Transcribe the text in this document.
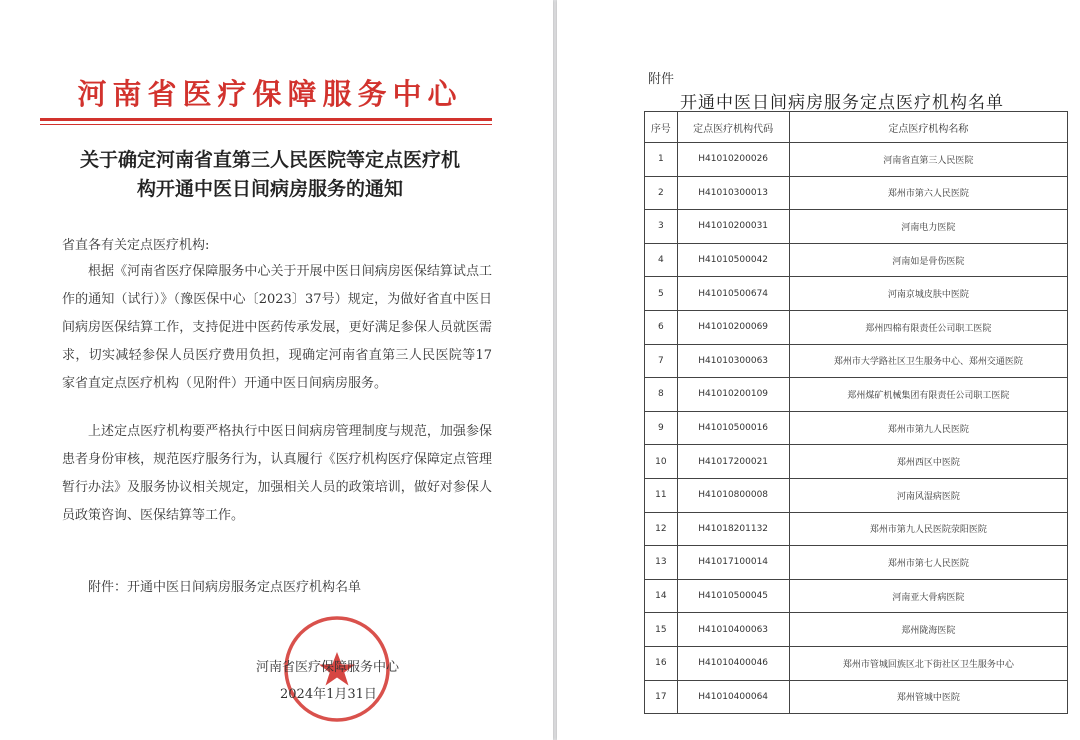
河南省医疗保障服务中心
关于确定河南省直第三人民医院等定点医疗机
构开通中医日间病房服务的通知

省直各有关定点医疗机构:

根据《河南省医疗保障服务中心关于开展中医日间病房医保结算试点工作的通知（试行）》（豫医保中心〔2023〕37号）规定，为做好省直中医日间病房医保结算工作，支持促进中医药传承发展，更好满足参保人员就医需求，切实减轻参保人员医疗费用负担，现确定河南省直第三人民医院等17家省直定点医疗机构（见附件）开通中医日间病房服务。

上述定点医疗机构要严格执行中医日间病房管理制度与规范，加强参保患者身份审核，规范医疗服务行为，认真履行《医疗机构医疗保障定点管理暂行办法》及服务协议相关规定，加强相关人员的政策培训，做好对参保人员政策咨询、医保结算等工作。

附件：开通中医日间病房服务定点医疗机构名单
河南省医疗保障服务中心
2024年1月31日
附件
开通中医日间病房服务定点医疗机构名单
序号	定点医疗机构代码	定点医疗机构名称
1	H41010200026	河南省直第三人民医院
2	H41010300013	郑州市第六人民医院
3	H41010200031	河南电力医院
4	H41010500042	河南如是骨伤医院
5	H41010500674	河南京城皮肤中医院
6	H41010200069	郑州四棉有限责任公司职工医院
7	H41010300063	郑州市大学路社区卫生服务中心、郑州交通医院
8	H41010200109	郑州煤矿机械集团有限责任公司职工医院
9	H41010500016	郑州市第九人民医院
10	H41017200021	郑州西区中医院
11	H41010800008	河南风湿病医院
12	H41018201132	郑州市第九人民医院荥阳医院
13	H41017100014	郑州市第七人民医院
14	H41010500045	河南亚大骨病医院
15	H41010400063	郑州陇海医院
16	H41010400046	郑州市管城回族区北下街社区卫生服务中心
17	H41010400064	郑州管城中医院
